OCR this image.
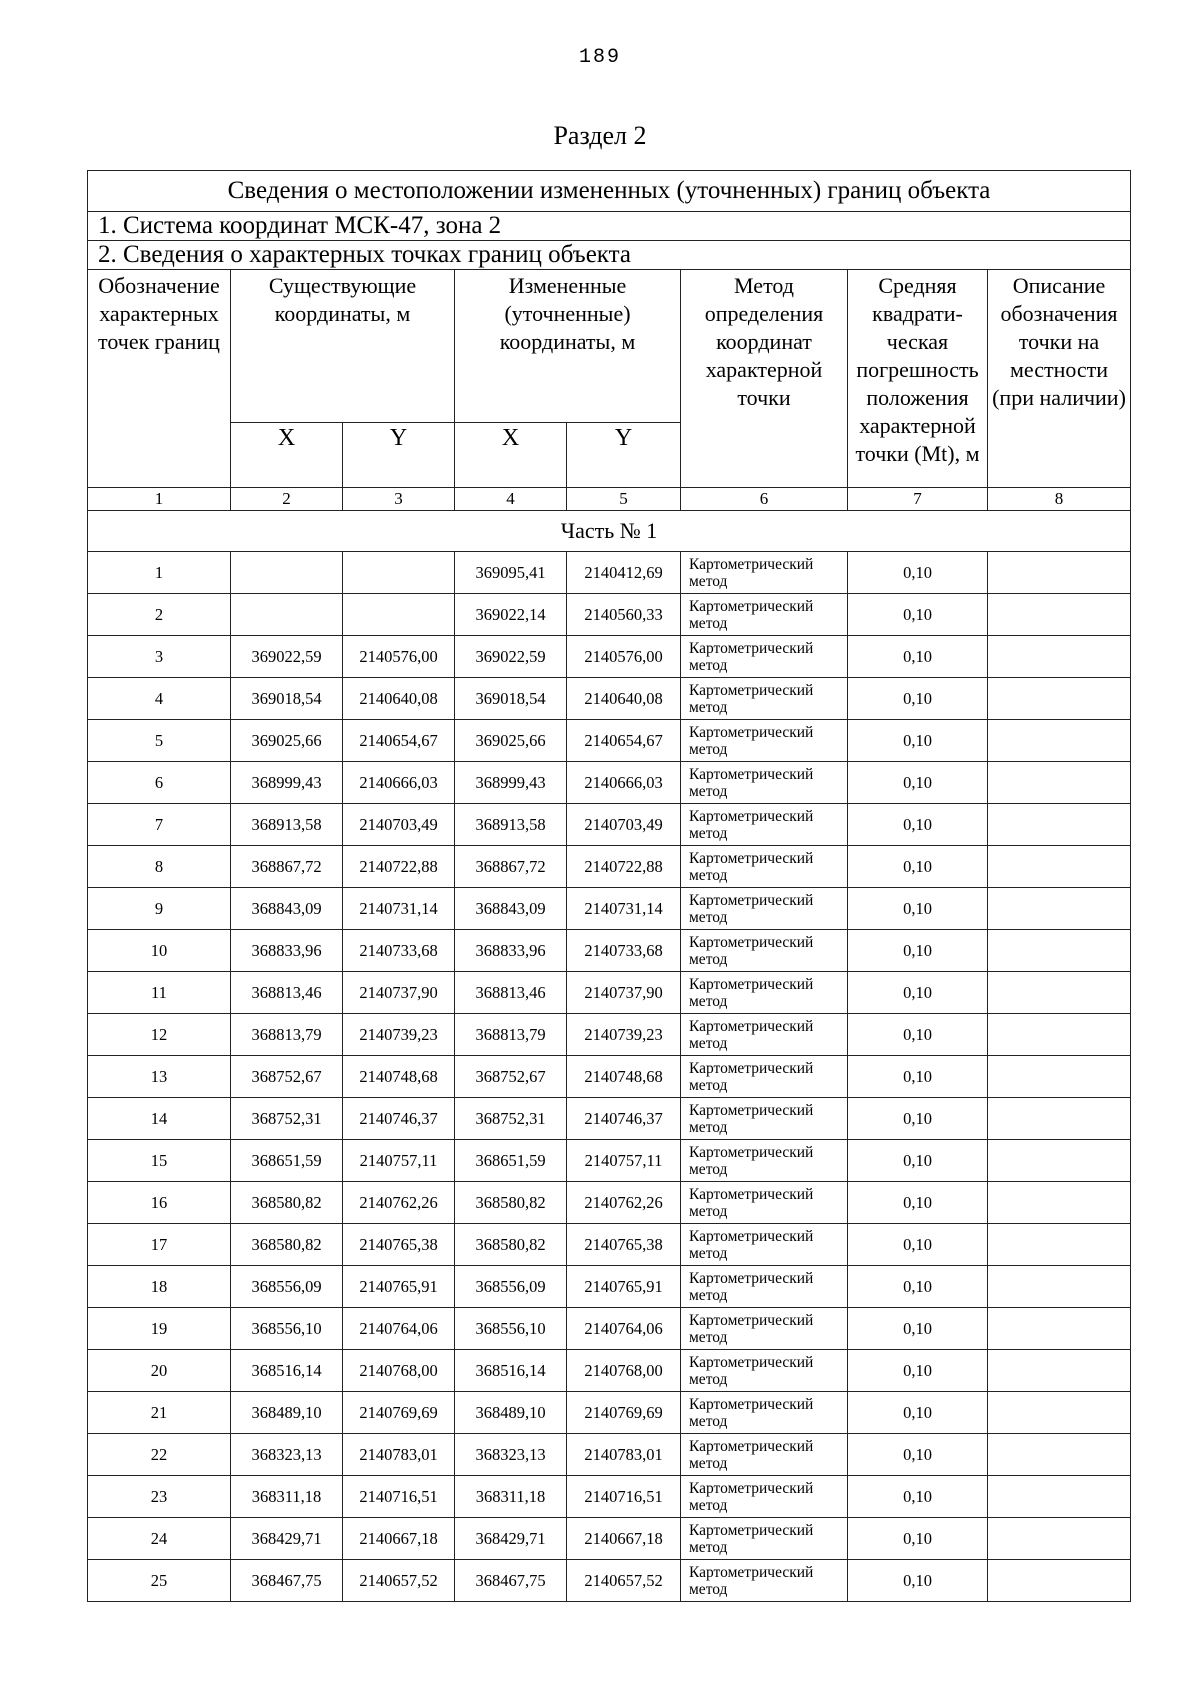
189
Раздел 2
Сведения о местоположении измененных (уточненных) границ объекта							
1. Система координат МСК-47, зона 2							
2. Сведения о характерных точках границ объекта							
Обозначение характерных точек границ	Существующие координаты, м		Измененные (уточненные) координаты, м		Метод определения координат характерной точки	Средняя квадрати-ческая погрешность положения характерной точки (Mt), м	Описание обозначения точки на местности (при наличии)
	X	Y	X	Y			
1	2	3	4	5	6	7	8
Часть № 1							
1			369095,41	2140412,69	Картометрический метод	0,10	
2			369022,14	2140560,33	Картометрический метод	0,10	
3	369022,59	2140576,00	369022,59	2140576,00	Картометрический метод	0,10	
4	369018,54	2140640,08	369018,54	2140640,08	Картометрический метод	0,10	
5	369025,66	2140654,67	369025,66	2140654,67	Картометрический метод	0,10	
6	368999,43	2140666,03	368999,43	2140666,03	Картометрический метод	0,10	
7	368913,58	2140703,49	368913,58	2140703,49	Картометрический метод	0,10	
8	368867,72	2140722,88	368867,72	2140722,88	Картометрический метод	0,10	
9	368843,09	2140731,14	368843,09	2140731,14	Картометрический метод	0,10	
10	368833,96	2140733,68	368833,96	2140733,68	Картометрический метод	0,10	
11	368813,46	2140737,90	368813,46	2140737,90	Картометрический метод	0,10	
12	368813,79	2140739,23	368813,79	2140739,23	Картометрический метод	0,10	
13	368752,67	2140748,68	368752,67	2140748,68	Картометрический метод	0,10	
14	368752,31	2140746,37	368752,31	2140746,37	Картометрический метод	0,10	
15	368651,59	2140757,11	368651,59	2140757,11	Картометрический метод	0,10	
16	368580,82	2140762,26	368580,82	2140762,26	Картометрический метод	0,10	
17	368580,82	2140765,38	368580,82	2140765,38	Картометрический метод	0,10	
18	368556,09	2140765,91	368556,09	2140765,91	Картометрический метод	0,10	
19	368556,10	2140764,06	368556,10	2140764,06	Картометрический метод	0,10	
20	368516,14	2140768,00	368516,14	2140768,00	Картометрический метод	0,10	
21	368489,10	2140769,69	368489,10	2140769,69	Картометрический метод	0,10	
22	368323,13	2140783,01	368323,13	2140783,01	Картометрический метод	0,10	
23	368311,18	2140716,51	368311,18	2140716,51	Картометрический метод	0,10	
24	368429,71	2140667,18	368429,71	2140667,18	Картометрический метод	0,10	
25	368467,75	2140657,52	368467,75	2140657,52	Картометрический метод	0,10	
